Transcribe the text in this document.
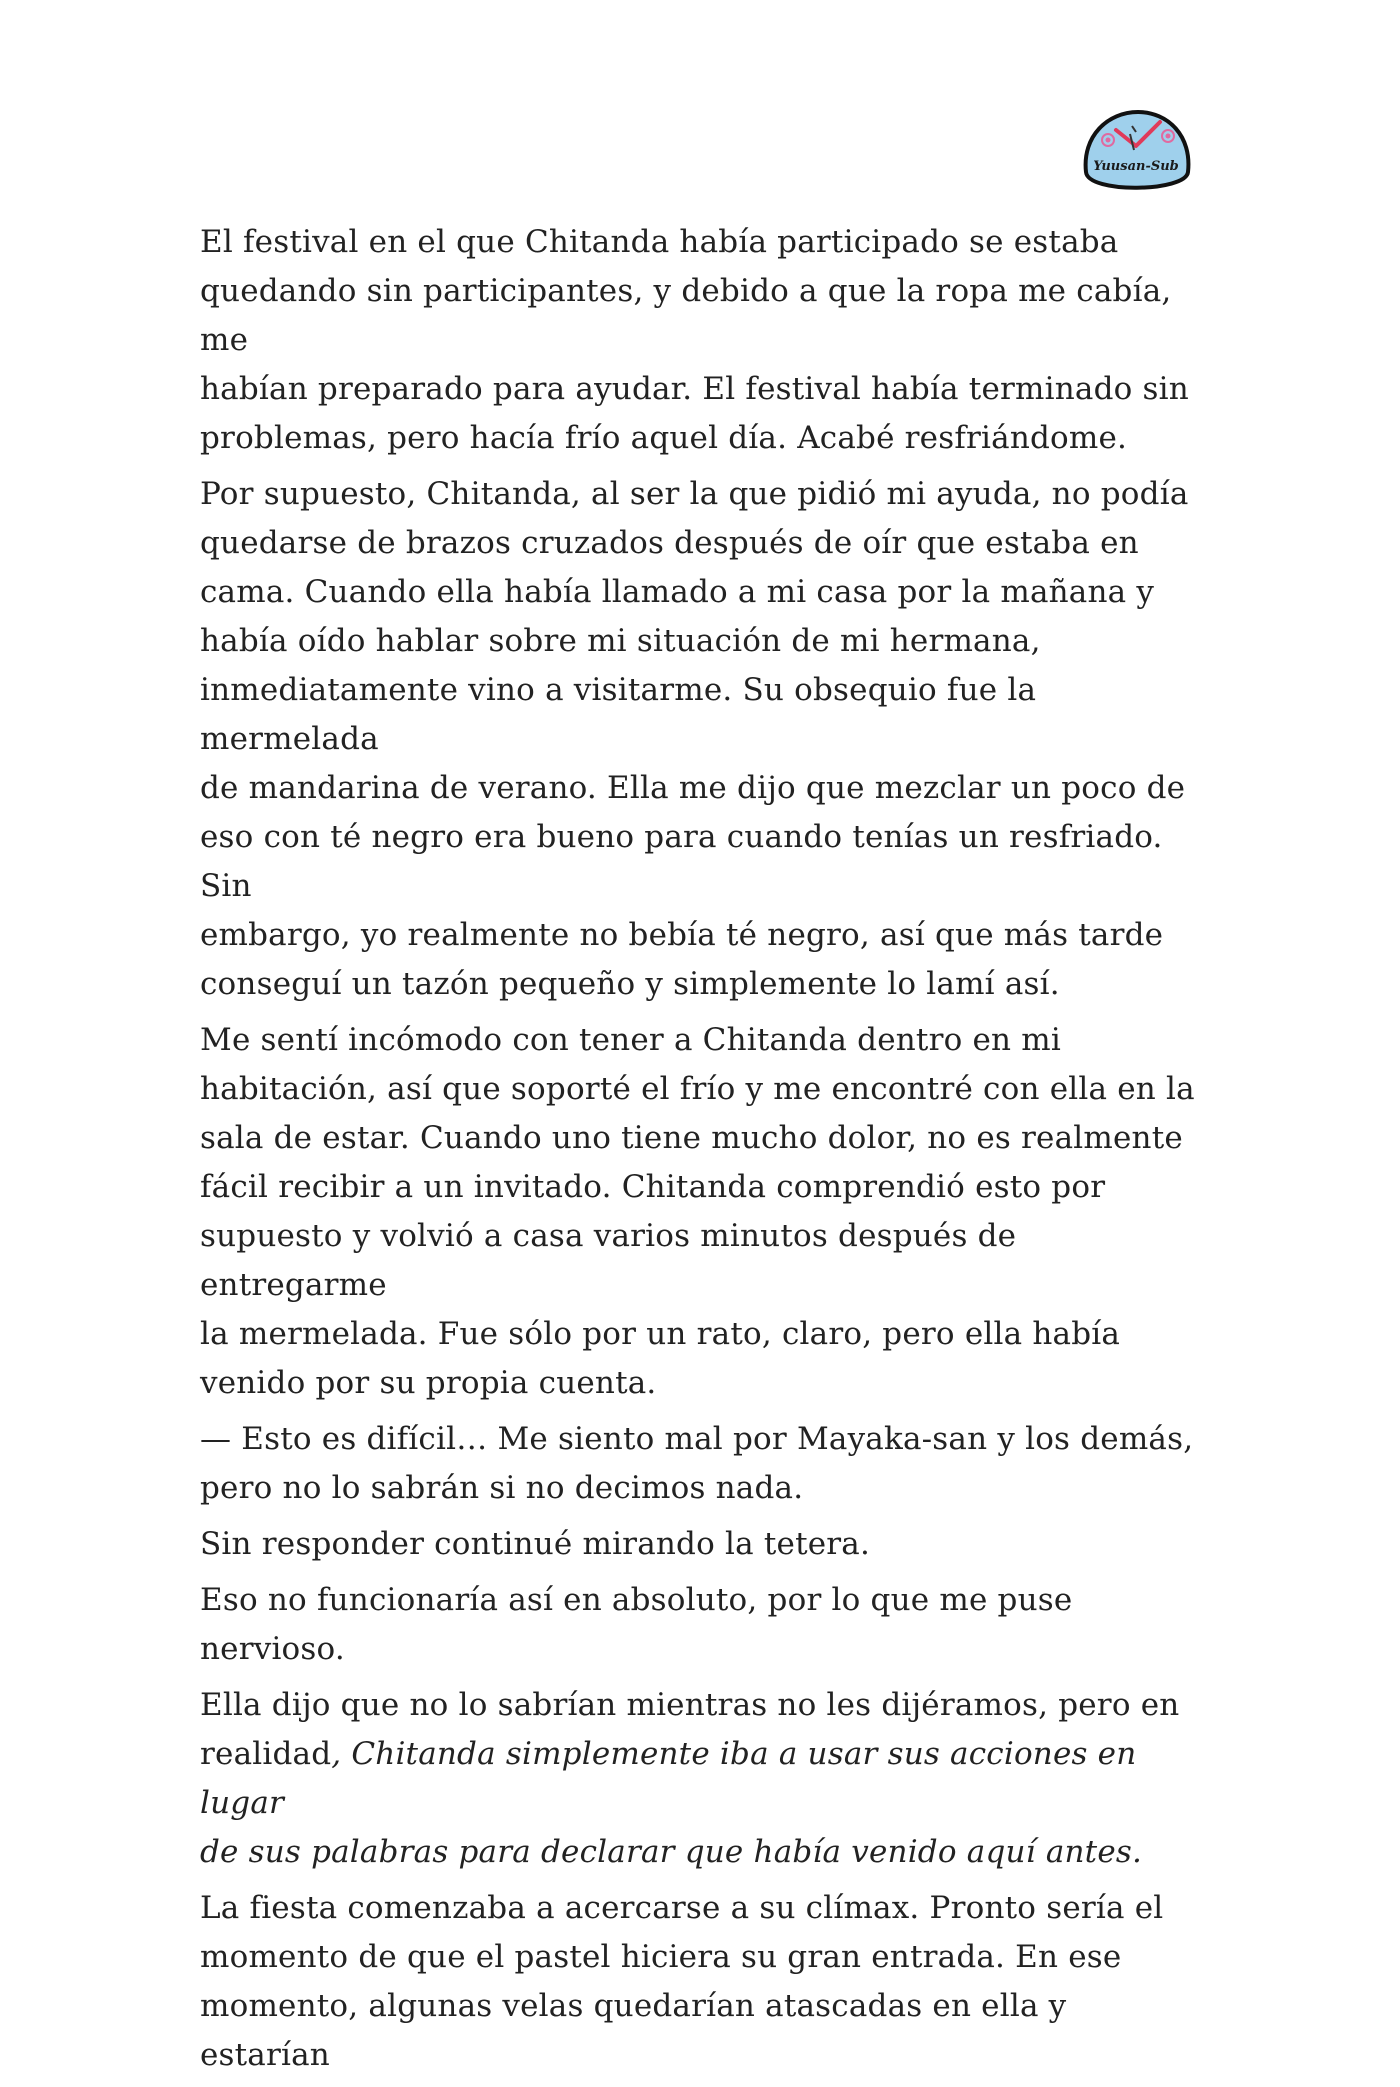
Yuusan-Sub

El festival en el que Chitanda había participado se estaba
quedando sin participantes, y debido a que la ropa me cabía, me
habían preparado para ayudar. El festival había terminado sin
problemas, pero hacía frío aquel día. Acabé resfriándome.

Por supuesto, Chitanda, al ser la que pidió mi ayuda, no podía
quedarse de brazos cruzados después de oír que estaba en
cama. Cuando ella había llamado a mi casa por la mañana y
había oído hablar sobre mi situación de mi hermana,
inmediatamente vino a visitarme. Su obsequio fue la mermelada
de mandarina de verano. Ella me dijo que mezclar un poco de
eso con té negro era bueno para cuando tenías un resfriado. Sin
embargo, yo realmente no bebía té negro, así que más tarde
conseguí un tazón pequeño y simplemente lo lamí así.

Me sentí incómodo con tener a Chitanda dentro en mi
habitación, así que soporté el frío y me encontré con ella en la
sala de estar. Cuando uno tiene mucho dolor, no es realmente
fácil recibir a un invitado. Chitanda comprendió esto por
supuesto y volvió a casa varios minutos después de entregarme
la mermelada. Fue sólo por un rato, claro, pero ella había
venido por su propia cuenta.

— Esto es difícil… Me siento mal por Mayaka-san y los demás,
pero no lo sabrán si no decimos nada.

Sin responder continué mirando la tetera.

Eso no funcionaría así en absoluto, por lo que me puse
nervioso.

Ella dijo que no lo sabrían mientras no les dijéramos, pero en
realidad, Chitanda simplemente iba a usar sus acciones en lugar
de sus palabras para declarar que había venido aquí antes.

La fiesta comenzaba a acercarse a su clímax. Pronto sería el
momento de que el pastel hiciera su gran entrada. En ese
momento, algunas velas quedarían atascadas en ella y estarían
